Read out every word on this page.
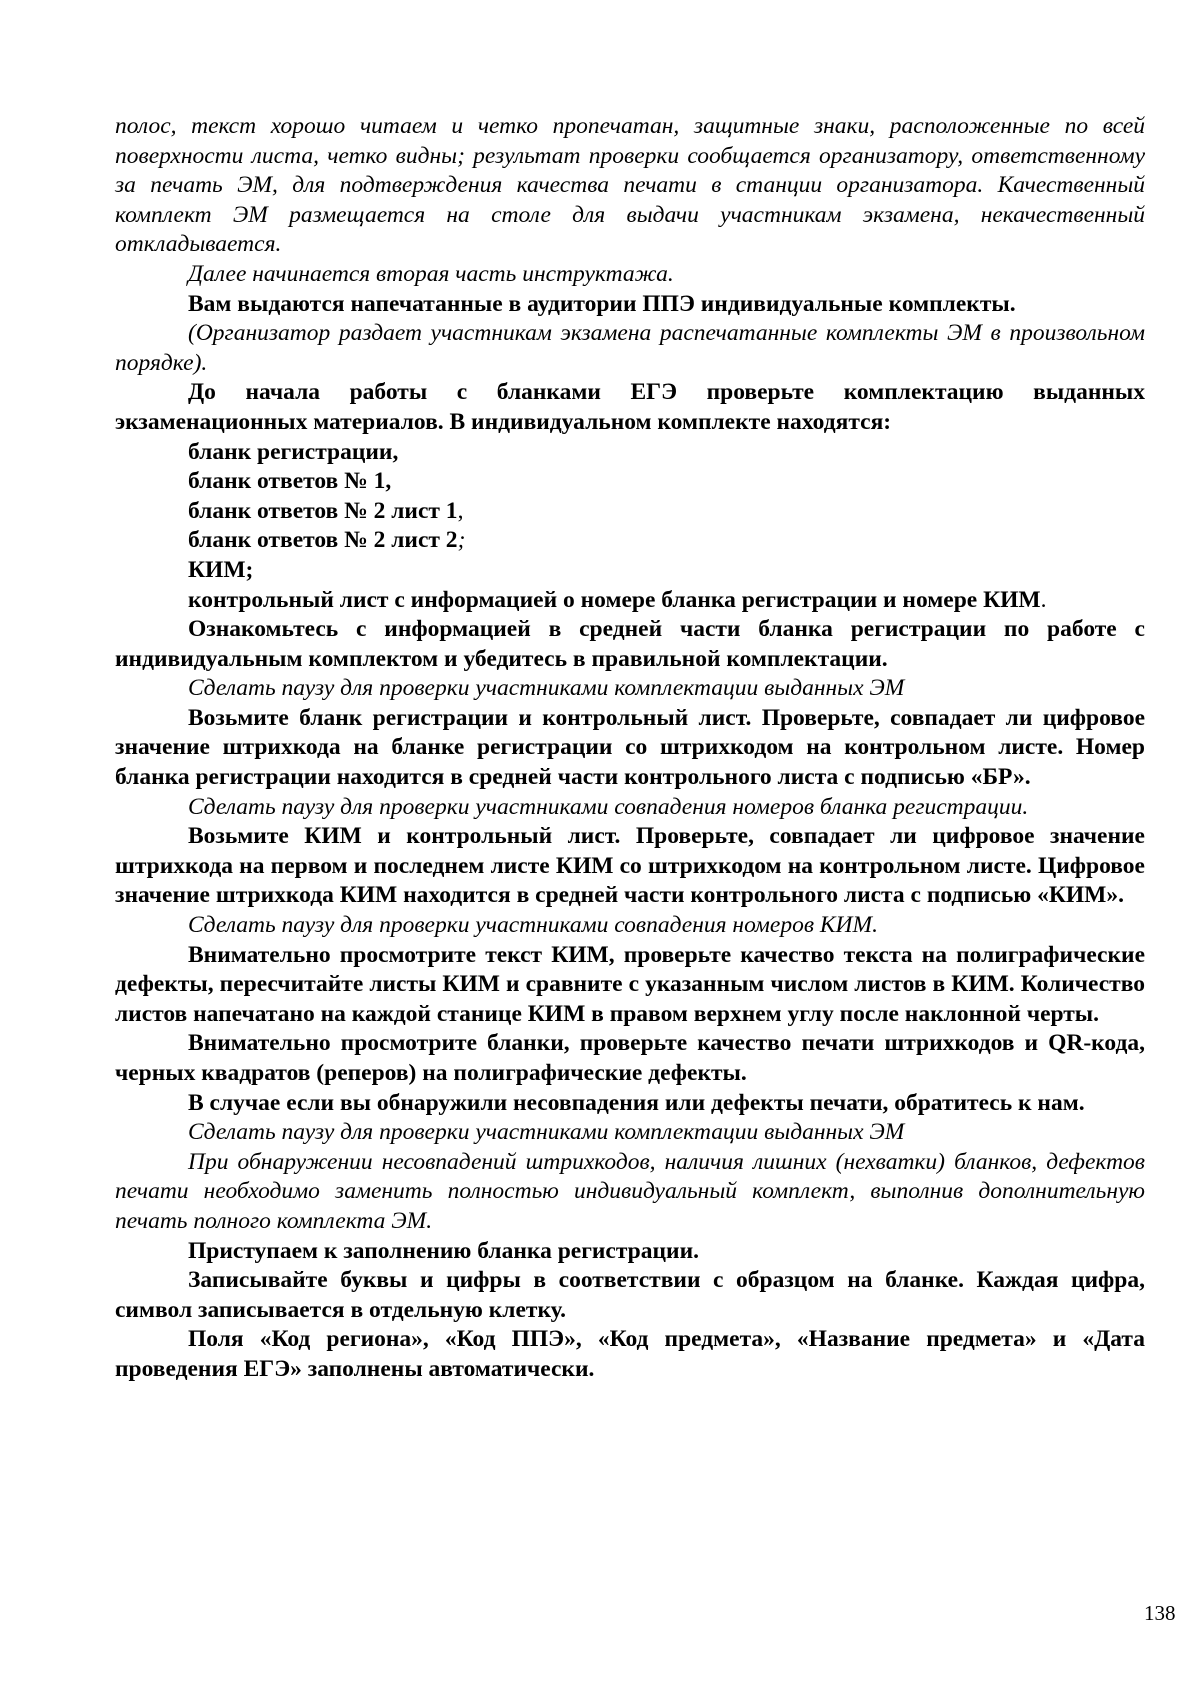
полос, текст хорошо читаем и четко пропечатан, защитные знаки, расположенные по всей поверхности листа, четко видны; результат проверки сообщается организатору, ответственному за печать ЭМ, для подтверждения качества печати в станции организатора. Качественный комплект ЭМ размещается на столе для выдачи участникам экзамена, некачественный откладывается.

Далее начинается вторая часть инструктажа.

Вам выдаются напечатанные в аудитории ППЭ индивидуальные комплекты.

(Организатор раздает участникам экзамена распечатанные комплекты ЭМ в произвольном порядке).

До начала работы с бланками ЕГЭ проверьте комплектацию выданных экзаменационных материалов. В индивидуальном комплекте находятся:

бланк регистрации,
бланк ответов № 1,
бланк ответов № 2 лист 1,
бланк ответов № 2 лист 2;
КИМ;

контрольный лист с информацией о номере бланка регистрации и номере КИМ.

Ознакомьтесь с информацией в средней части бланка регистрации по работе с индивидуальным комплектом и убедитесь в правильной комплектации.

Сделать паузу для проверки участниками комплектации выданных ЭМ

Возьмите бланк регистрации и контрольный лист. Проверьте, совпадает ли цифровое значение штрихкода на бланке регистрации со штрихкодом на контрольном листе. Номер бланка регистрации находится в средней части контрольного листа с подписью «БР».

Сделать паузу для проверки участниками совпадения номеров бланка регистрации.

Возьмите КИМ и контрольный лист. Проверьте, совпадает ли цифровое значение штрихкода на первом и последнем листе КИМ со штрихкодом на контрольном листе. Цифровое значение штрихкода КИМ находится в средней части контрольного листа с подписью «КИМ».

Сделать паузу для проверки участниками совпадения номеров КИМ.

Внимательно просмотрите текст КИМ, проверьте качество текста на полиграфические дефекты, пересчитайте листы КИМ и сравните с указанным числом листов в КИМ. Количество листов напечатано на каждой станице КИМ в правом верхнем углу после наклонной черты.

Внимательно просмотрите бланки, проверьте качество печати штрихкодов и QR-кода, черных квадратов (реперов) на полиграфические дефекты.

В случае если вы обнаружили несовпадения или дефекты печати, обратитесь к нам.

Сделать паузу для проверки участниками комплектации выданных ЭМ

При обнаружении несовпадений штрихкодов, наличия лишних (нехватки) бланков, дефектов печати необходимо заменить полностью индивидуальный комплект, выполнив дополнительную печать полного комплекта ЭМ.

Приступаем к заполнению бланка регистрации.

Записывайте буквы и цифры в соответствии с образцом на бланке. Каждая цифра, символ записывается в отдельную клетку.

Поля «Код региона», «Код ППЭ», «Код предмета», «Название предмета» и «Дата проведения ЕГЭ» заполнены автоматически.

138
